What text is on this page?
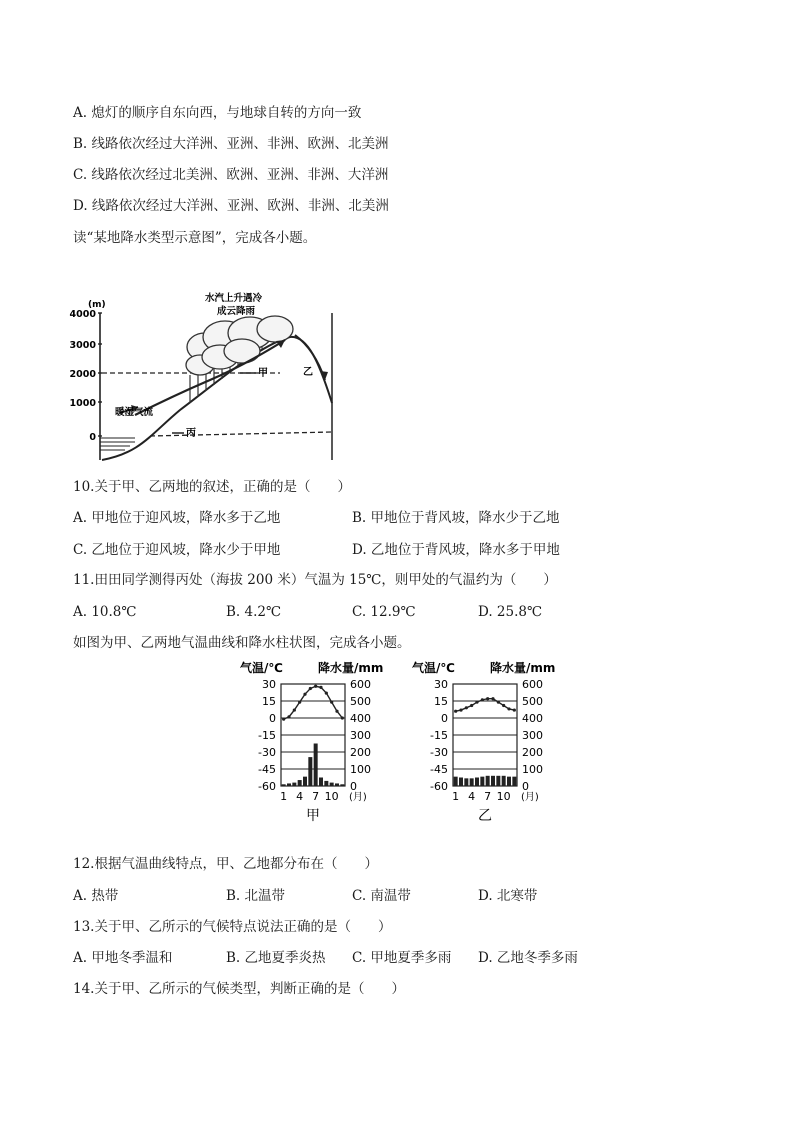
A. 熄灯的顺序自东向西，与地球自转的方向一致
B. 线路依次经过大洋洲、亚洲、非洲、欧洲、北美洲
C. 线路依次经过北美洲、欧洲、亚洲、非洲、大洋洲
D. 线路依次经过大洋洲、亚洲、欧洲、非洲、北美洲
读“某地降水类型示意图”，完成各小题。
(m)
4000
3000
2000
1000
0
水汽上升遇冷
成云降雨
暖湿气流
甲	乙
丙
10.关于甲、乙两地的叙述，正确的是（　　）
A. 甲地位于迎风坡，降水多于乙地	B. 甲地位于背风坡，降水少于乙地
C. 乙地位于迎风坡，降水少于甲地	D. 乙地位于背风坡，降水多于甲地
11.田田同学测得丙处（海拔 200 米）气温为 15℃，则甲处的气温约为（　　）
A. 10.8℃	B. 4.2℃	C. 12.9℃	D. 25.8℃
如图为甲、乙两地气温曲线和降水柱状图，完成各小题。
气温/℃	降水量/mm
30
15
0
-15
-30
-45
-60
600
500
400
300
200
100
0
1 4 7 10 (月)
甲
气温/℃	降水量/mm
30
15
0
-15
-30
-45
-60
600
500
400
300
200
100
0
1 4 7 10 (月)
乙
12.根据气温曲线特点，甲、乙地都分布在（　　）
A. 热带	B. 北温带	C. 南温带	D. 北寒带
13.关于甲、乙所示的气候特点说法正确的是（　　）
A. 甲地冬季温和	B. 乙地夏季炎热 C. 甲地夏季多雨 D. 乙地冬季多雨
14.关于甲、乙所示的气候类型，判断正确的是（　　）
